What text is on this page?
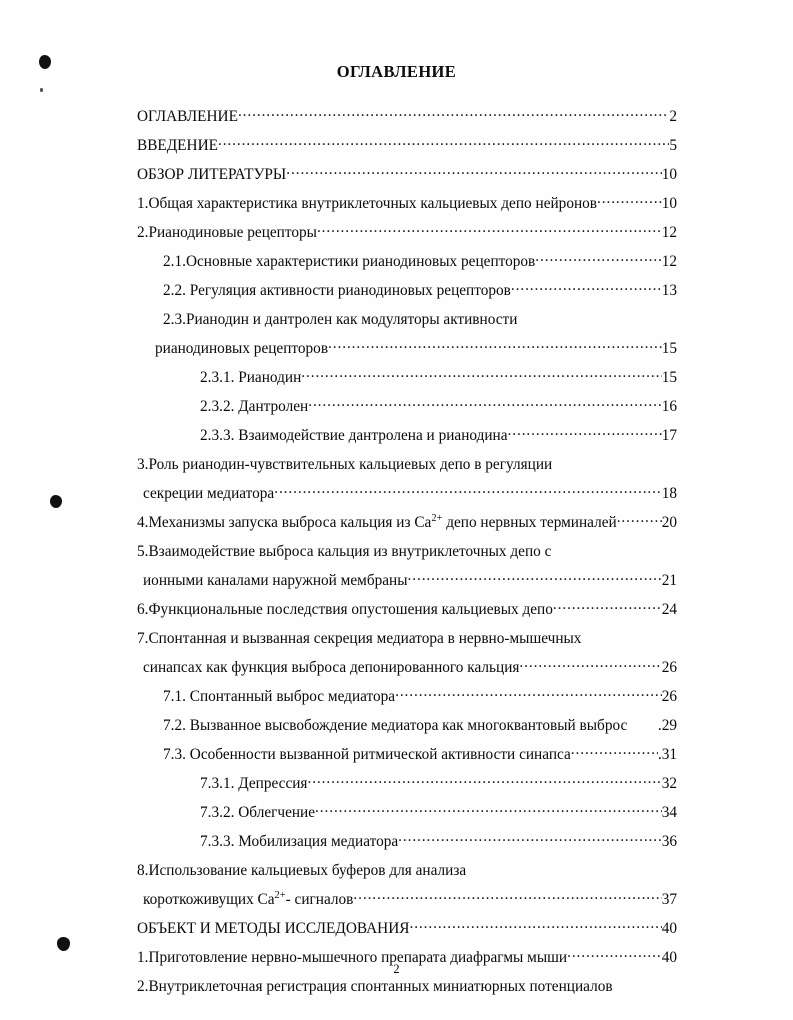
ОГЛАВЛЕНИЕ
ОГЛАВЛЕНИЕ .....	2
ВВЕДЕНИЕ .....	5
ОБЗОР ЛИТЕРАТУРЫ .....	10
1.Общая характеристика внутриклеточных кальциевых депо нейронов .....	10
2.Рианодиновые рецепторы .....	12
2.1.Основные характеристики рианодиновых рецепторов .....	12
2.2. Регуляция активности рианодиновых рецепторов .....	13
2.3.Рианодин и дантролен как модуляторы активности
рианодиновых рецепторов .....	15
2.3.1. Рианодин .....	15
2.3.2. Дантролен .....	16
2.3.3. Взаимодействие дантролена и рианодина .....	17
3.Роль рианодин-чувствительных кальциевых депо в регуляции
секреции медиатора .....	18
4.Механизмы запуска выброса кальция из $Ca^{2+}$ депо нервных терминалей .....	20
5.Взаимодействие выброса кальция из внутриклеточных депо с
ионными каналами наружной мембраны .....	21
6.Функциональные последствия опустошения кальциевых депо .....	24
7.Спонтанная и вызванная секреция медиатора в нервно-мышечных
синапсах как функция выброса депонированного кальция .....	26
7.1. Спонтанный выброс медиатора .....	26
7.2. Вызванное высвобождение медиатора как многоквантовый выброс .29
7.3. Особенности вызванной ритмической активности синапса .....	.31
7.3.1. Депрессия .....	32
7.3.2. Облегчение .....	34
7.3.3. Мобилизация медиатора .....	36
8.Использование кальциевых буферов для анализа
короткоживущих $Ca^{2+}-$ сигналов .....	37
ОБЪЕКТ И МЕТОДЫ ИССЛЕДОВАНИЯ .....	40
1.Приготовление нервно-мышечного препарата диафрагмы мыши .....	40
2.Внутриклеточная регистрация спонтанных миниатюрных потенциалов
2
